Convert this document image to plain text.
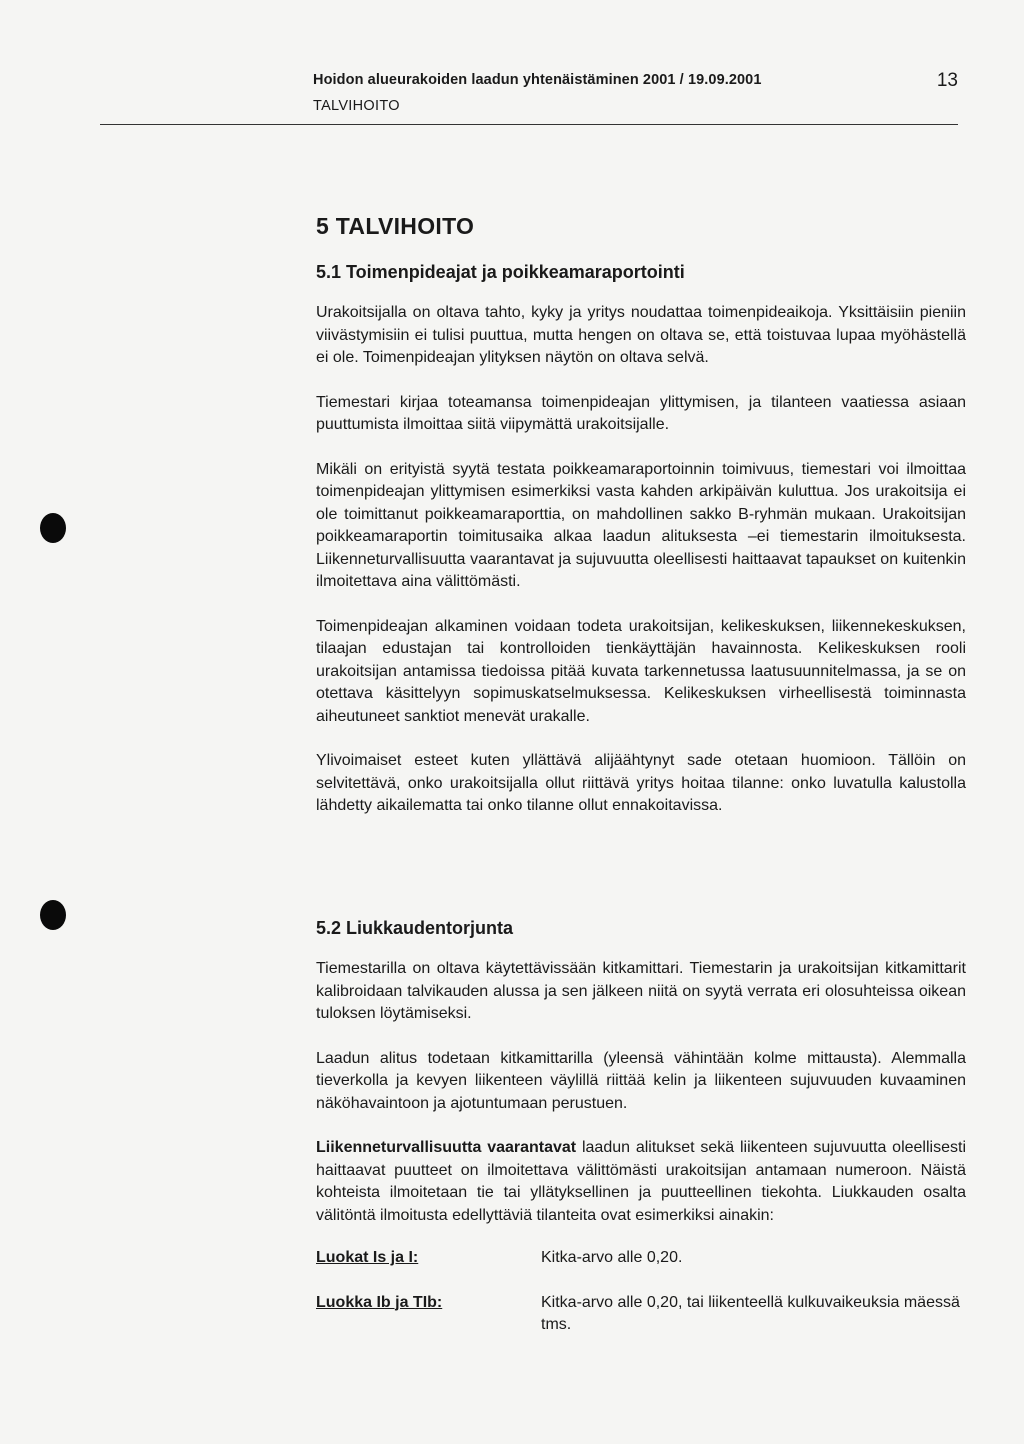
Hoidon alueurakoiden laadun yhtenäistäminen 2001 / 19.09.2001	13
TALVIHOITO
5 TALVIHOITO
5.1 Toimenpideajat ja poikkeamaraportointi

Urakoitsijalla on oltava tahto, kyky ja yritys noudattaa toimenpideaikoja. Yksittäisiin pieniin viivästymisiin ei tulisi puuttua, mutta hengen on oltava se, että toistuvaa lupaa myöhästellä ei ole. Toimenpideajan ylityksen näytön on oltava selvä.

Tiemestari kirjaa toteamansa toimenpideajan ylittymisen, ja tilanteen vaatiessa asiaan puuttumista ilmoittaa siitä viipymättä urakoitsijalle.

Mikäli on erityistä syytä testata poikkeamaraportoinnin toimivuus, tiemestari voi ilmoittaa toimenpideajan ylittymisen esimerkiksi vasta kahden arkipäivän kuluttua. Jos urakoitsija ei ole toimittanut poikkeamaraporttia, on mahdollinen sakko B-ryhmän mukaan. Urakoitsijan poikkeamaraportin toimitusaika alkaa laadun alituksesta –ei tiemestarin ilmoituksesta. Liikenneturvallisuutta vaarantavat ja sujuvuutta oleellisesti haittaavat tapaukset on kuitenkin ilmoitettava aina välittömästi.

Toimenpideajan alkaminen voidaan todeta urakoitsijan, kelikeskuksen, liikennekeskuksen, tilaajan edustajan tai kontrolloiden tienkäyttäjän havainnosta. Kelikeskuksen rooli urakoitsijan antamissa tiedoissa pitää kuvata tarkennetussa laatusuunnitelmassa, ja se on otettava käsittelyyn sopimuskatselmuksessa. Kelikeskuksen virheellisestä toiminnasta aiheutuneet sanktiot menevät urakalle.

Ylivoimaiset esteet kuten yllättävä alijäähtynyt sade otetaan huomioon. Tällöin on selvitettävä, onko urakoitsijalla ollut riittävä yritys hoitaa tilanne: onko luvatulla kalustolla lähdetty aikailematta tai onko tilanne ollut ennakoitavissa.

5.2 Liukkaudentorjunta

Tiemestarilla on oltava käytettävissään kitkamittari. Tiemestarin ja urakoitsijan kitkamittarit kalibroidaan talvikauden alussa ja sen jälkeen niitä on syytä verrata eri olosuhteissa oikean tuloksen löytämiseksi.

Laadun alitus todetaan kitkamittarilla (yleensä vähintään kolme mittausta). Alemmalla tieverkolla ja kevyen liikenteen väylillä riittää kelin ja liikenteen sujuvuuden kuvaaminen näköhavaintoon ja ajotuntumaan perustuen.

Liikenneturvallisuutta vaarantavat laadun alitukset sekä liikenteen sujuvuutta oleellisesti haittaavat puutteet on ilmoitettava välittömästi urakoitsijan antamaan numeroon. Näistä kohteista ilmoitetaan tie tai yllätyksellinen ja puutteellinen tiekohta. Liukkauden osalta välitöntä ilmoitusta edellyttäviä tilanteita ovat esimerkiksi ainakin:

Luokat Is ja I:	Kitka-arvo alle 0,20.
Luokka Ib ja TIb:	Kitka-arvo alle 0,20, tai liikenteellä kulkuvaikeuksia mäessä tms.
